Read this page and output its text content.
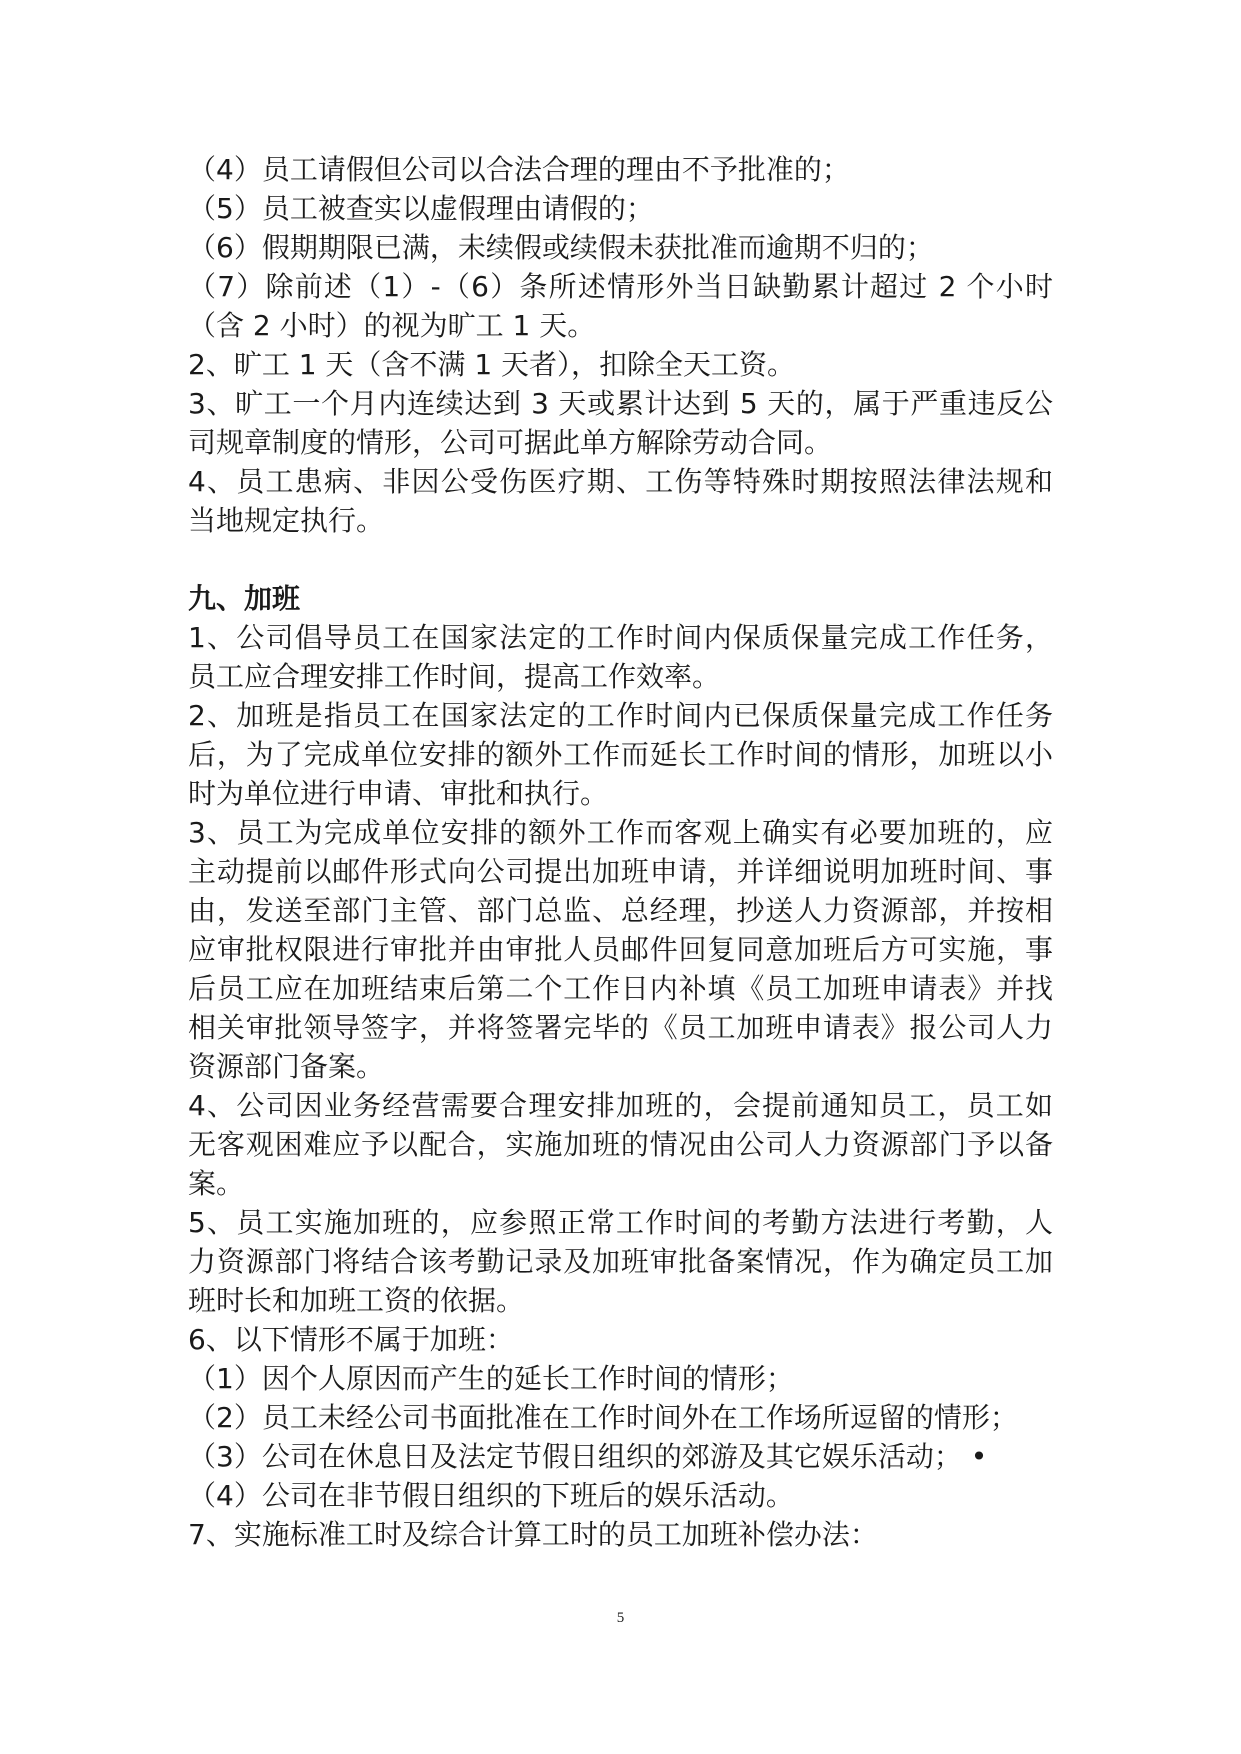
（4）员工请假但公司以合法合理的理由不予批准的；
（5）员工被查实以虚假理由请假的；
（6）假期期限已满，未续假或续假未获批准而逾期不归的；
（7）除前述（1）-（6）条所述情形外当日缺勤累计超过 2 个小时
（含 2 小时）的视为旷工 1 天。
2、旷工 1 天（含不满 1 天者），扣除全天工资。
3、旷工一个月内连续达到 3 天或累计达到 5 天的，属于严重违反公
司规章制度的情形，公司可据此单方解除劳动合同。
4、员工患病、非因公受伤医疗期、工伤等特殊时期按照法律法规和
当地规定执行。
九、加班
1、公司倡导员工在国家法定的工作时间内保质保量完成工作任务，
员工应合理安排工作时间，提高工作效率。
2、加班是指员工在国家法定的工作时间内已保质保量完成工作任务
后，为了完成单位安排的额外工作而延长工作时间的情形，加班以小
时为单位进行申请、审批和执行。
3、员工为完成单位安排的额外工作而客观上确实有必要加班的，应
主动提前以邮件形式向公司提出加班申请，并详细说明加班时间、事
由，发送至部门主管、部门总监、总经理，抄送人力资源部，并按相
应审批权限进行审批并由审批人员邮件回复同意加班后方可实施，事
后员工应在加班结束后第二个工作日内补填《员工加班申请表》并找
相关审批领导签字，并将签署完毕的《员工加班申请表》报公司人力
资源部门备案。
4、公司因业务经营需要合理安排加班的，会提前通知员工，员工如
无客观困难应予以配合，实施加班的情况由公司人力资源部门予以备
案。
5、员工实施加班的，应参照正常工作时间的考勤方法进行考勤，人
力资源部门将结合该考勤记录及加班审批备案情况，作为确定员工加
班时长和加班工资的依据。
6、以下情形不属于加班：
（1）因个人原因而产生的延长工作时间的情形；
（2）员工未经公司书面批准在工作时间外在工作场所逗留的情形；
（3）公司在休息日及法定节假日组织的郊游及其它娱乐活动； •
（4）公司在非节假日组织的下班后的娱乐活动。
7、实施标准工时及综合计算工时的员工加班补偿办法：
5
